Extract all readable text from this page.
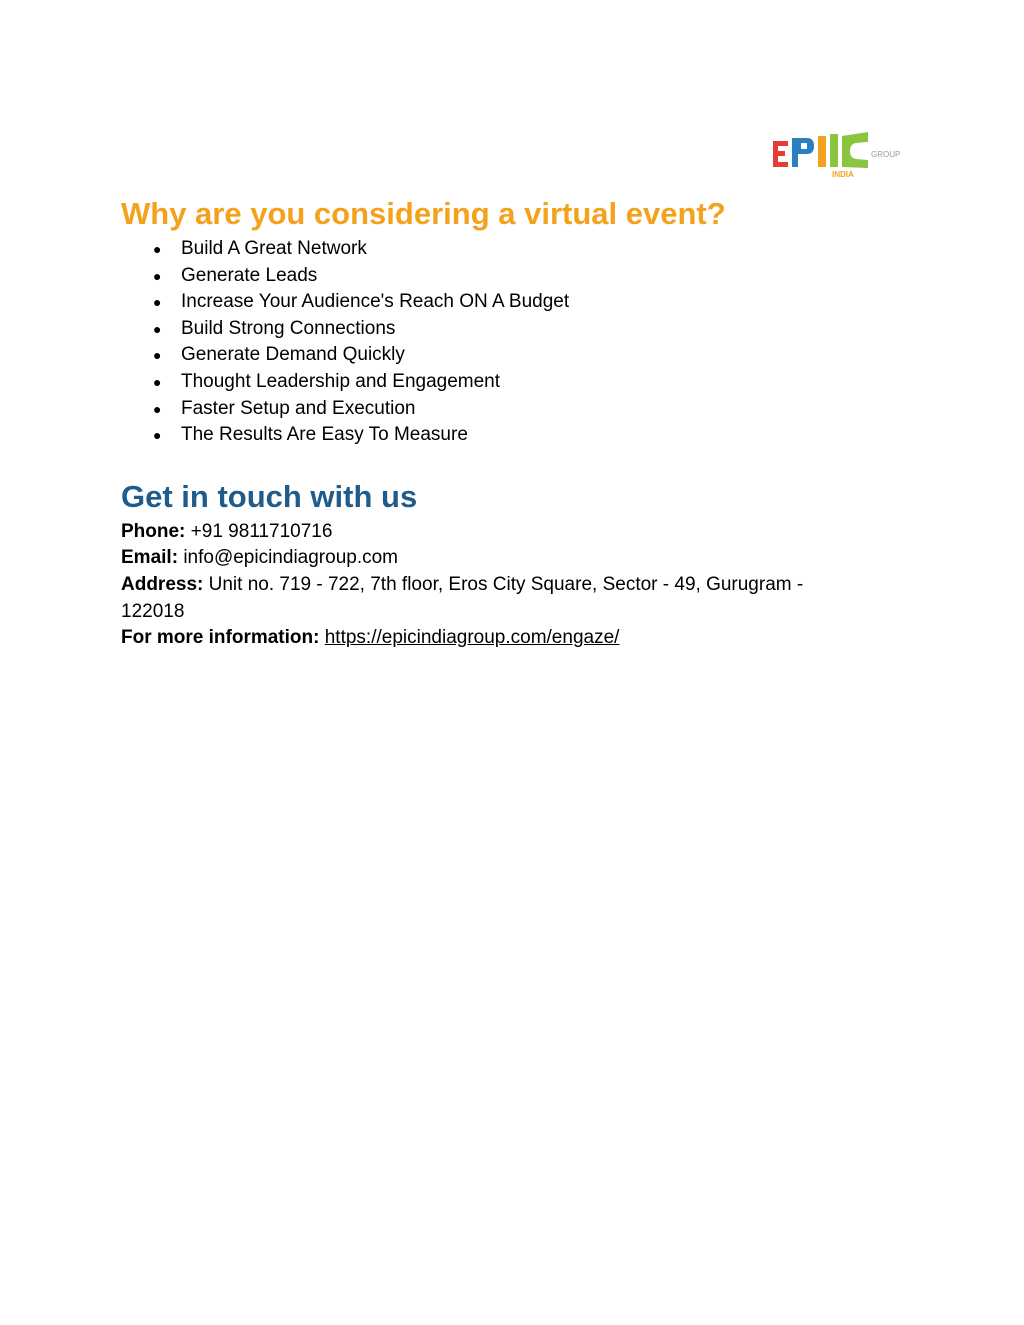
GROUP
INDIA
Why are you considering a virtual event?
● Build A Great Network
● Generate Leads
● Increase Your Audience's Reach ON A Budget
● Build Strong Connections
● Generate Demand Quickly
● Thought Leadership and Engagement
● Faster Setup and Execution
● The Results Are Easy To Measure
Get in touch with us

Phone: +91 9811710716

Email: info@epicindiagroup.com

Address: Unit no. 719 - 722, 7th floor, Eros City Square, Sector - 49, Gurugram -
122018

For more information: https://epicindiagroup.com/engaze/
